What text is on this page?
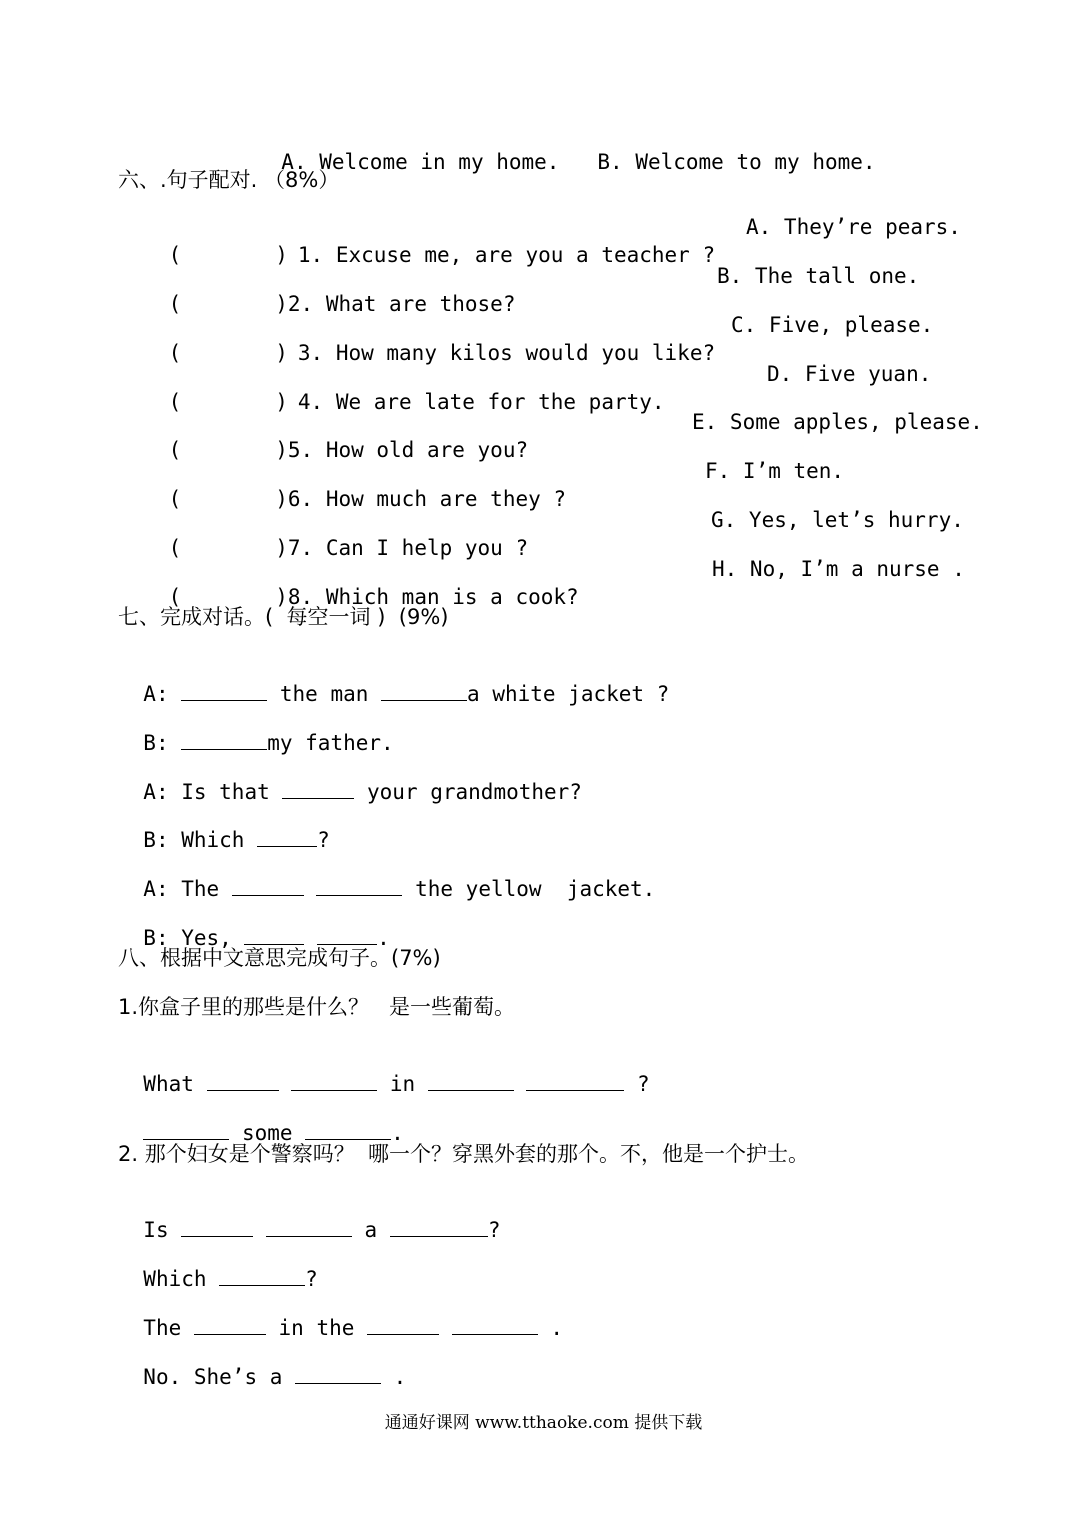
A. Welcome in my home. B. Welcome to my home.

六、.句子配对. （8%）

(	) 1. Excuse me, are you a teacher ?

A. They’re pears.

(	)2. What are those?

B. The tall one.

(	) 3. How many kilos would you like?

C. Five, please.

(	) 4. We are late for the party.

D. Five yuan.

(	)5. How old are you?

E. Some apples, please.

(	)6. How much are they ?

F. I’m ten.

(	)7. Can I help you ?

G. Yes, let’s hurry.

(	)8. Which man is a cook?

H. No, I’m a nurse .
七、完成对话。(  每空一词 )  (9%)

A:	the man	a white jacket ?

B:	my father.

A: Is that	your grandmother?

B: Which	?

A: The	the yellow  jacket.

B: Yes,	.

八、根据中文意思完成句子。(7%)
1.你盒子里的那些是什么？   是一些葡萄。

What	in	?

some	.

2. 那个妇女是个警察吗？  哪一个？穿黑外套的那个。不，他是一个护士。

Is	a	?

Which	?

The	in the	.

No. She’s a	.

通通好课网 www.tthaoke.com 提供下载
